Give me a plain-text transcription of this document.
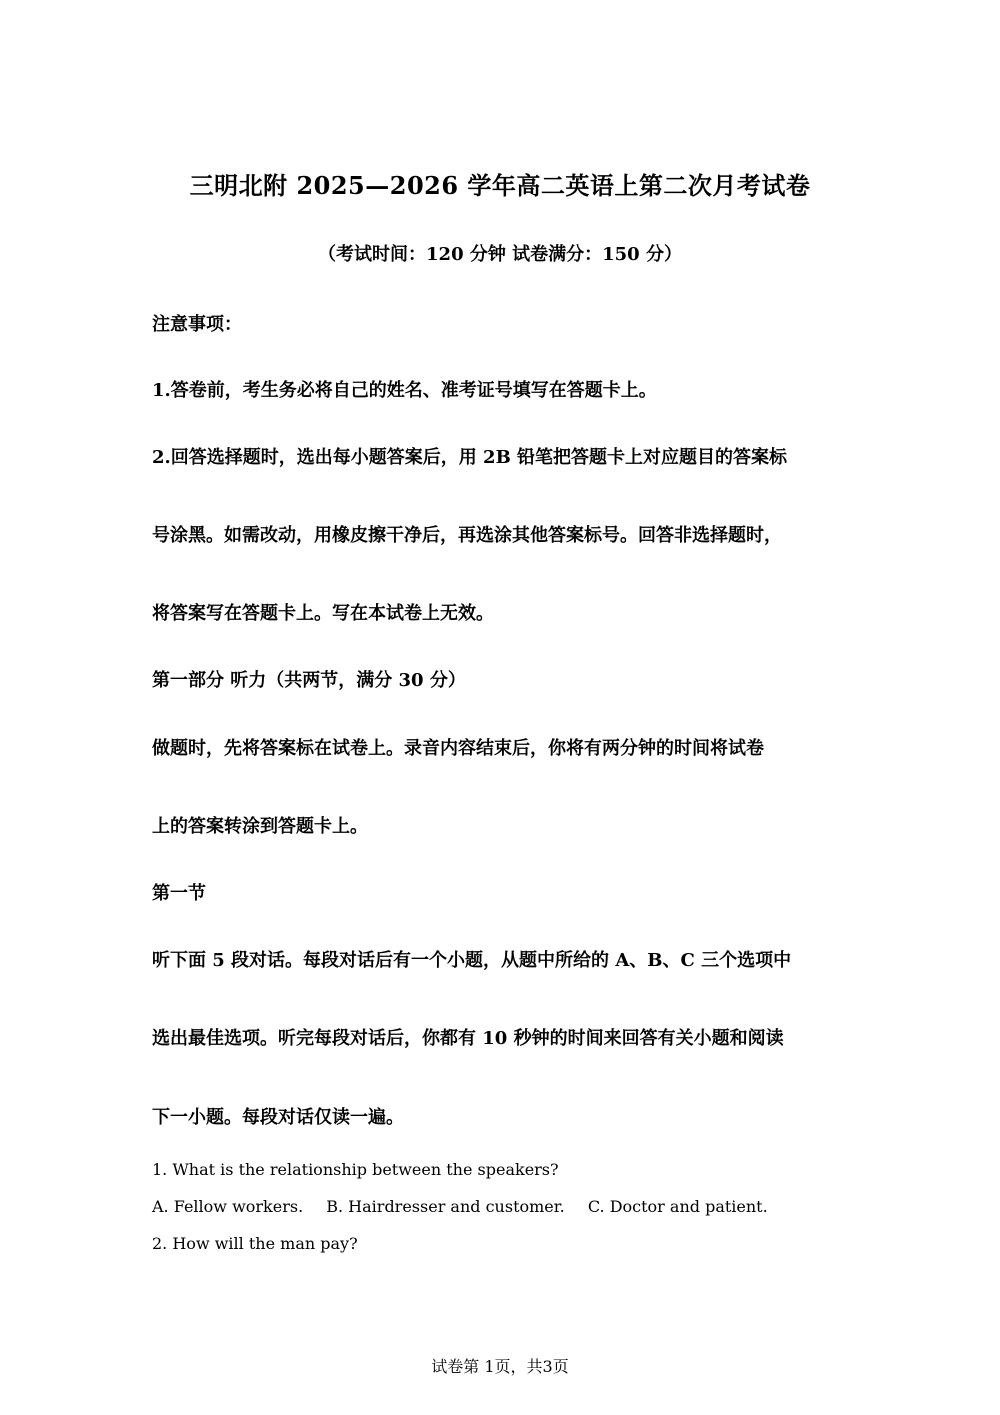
三明北附 2025—2026 学年高二英语上第二次月考试卷
（考试时间：120 分钟 试卷满分：150 分）
注意事项：
1.答卷前，考生务必将自己的姓名、准考证号填写在答题卡上。
2.回答选择题时，选出每小题答案后，用 2B 铅笔把答题卡上对应题目的答案标
号涂黑。如需改动，用橡皮擦干净后，再选涂其他答案标号。回答非选择题时，
将答案写在答题卡上。写在本试卷上无效。
第一部分 听力（共两节，满分 30 分）
做题时，先将答案标在试卷上。录音内容结束后，你将有两分钟的时间将试卷
上的答案转涂到答题卡上。
第一节
听下面 5 段对话。每段对话后有一个小题，从题中所给的 A、B、C 三个选项中
选出最佳选项。听完每段对话后，你都有 10 秒钟的时间来回答有关小题和阅读
下一小题。每段对话仅读一遍。
1. What is the relationship between the speakers?
A. Fellow workers. B. Hairdresser and customer. C. Doctor and patient.
2. How will the man pay?
试卷第 1页，共3页
